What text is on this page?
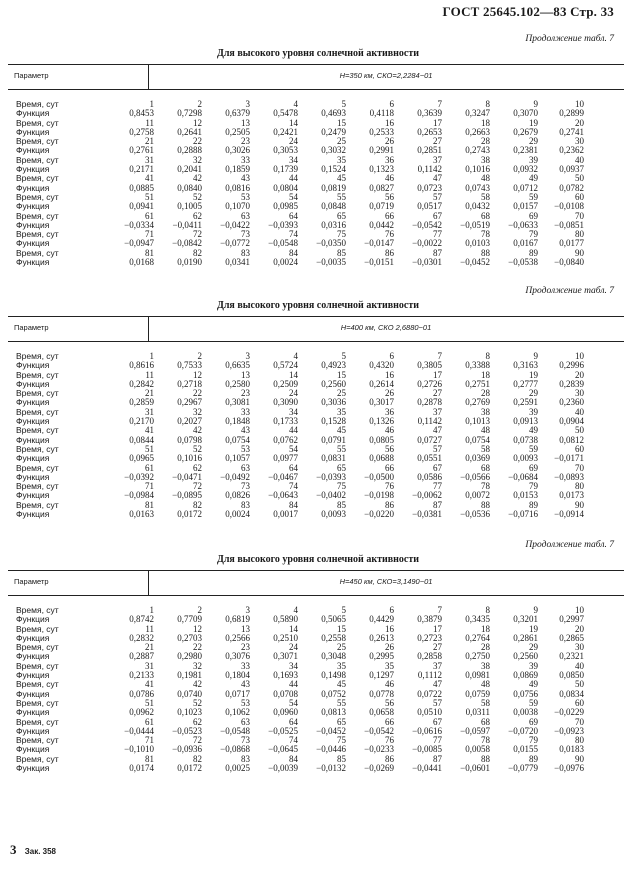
ГОСТ 25645.102—83 Стр. 33
Продолжение табл. 7
Для высокого уровня солнечной активности
Параметр	H=350 км, СКО=2,2284−01
Время, сут	1	2	3	4	5	6	7	8	9	10
Функция	0,8453	0,7298	0,6379	0,5478	0,4693	0,4118	0,3639	0,3247	0,3070	0,2899
Время, сут	11	12	13	14	15	16	17	18	19	20
Функция	0,2758	0,2641	0,2505	0,2421	0,2479	0,2533	0,2653	0,2663	0,2679	0,2741
Время, сут	21	22	23	24	25	26	27	28	29	30
Функция	0,2761	0,2888	0,3026	0,3053	0,3032	0,2991	0,2851	0,2743	0,2381	0,2362
Время, сут	31	32	33	34	35	36	37	38	39	40
Функция	0,2171	0,2041	0,1859	0,1739	0,1524	0,1323	0,1142	0,1016	0,0932	0,0937
Время, сут	41	42	43	44	45	46	47	48	49	50
Функция	0,0885	0,0840	0,0816	0,0804	0,0819	0,0827	0,0723	0,0743	0,0712	0,0782
Время, сут	51	52	53	54	55	56	57	58	59	60
Функция	0,0941	0,1005	0,1070	0,0985	0,0848	0,0719	0,0517	0,0432	0,0157	−0,0108
Время, сут	61	62	63	64	65	66	67	68	69	70
Функция	−0,0334	−0,0411	−0,0422	−0,0393	0,0316	0,0442	−0,0542	−0,0519	−0,0633	−0,0851
Время, сут	71	72	73	74	75	76	77	78	79	80
Функция	−0,0947	−0,0842	−0,0772	−0,0548	−0,0350	−0,0147	−0,0022	0,0103	0,0167	0,0177
Время, сут	81	82	83	84	85	86	87	88	89	90
Функция	0,0168	0,0190	0,0341	0,0024	−0,0035	−0,0151	−0,0301	−0,0452	−0,0538	−0,0840
Продолжение табл. 7
Для высокого уровня солнечной активности
Параметр	H=400 км, СКО 2,6880−01
Время, сут	1	2	3	4	5	6	7	8	9	10
Функция	0,8616	0,7533	0,6635	0,5724	0,4923	0,4320	0,3805	0,3388	0,3163	0,2996
Время, сут	11	12	13	14	15	16	17	18	19	20
Функция	0,2842	0,2718	0,2580	0,2509	0,2560	0,2614	0,2726	0,2751	0,2777	0,2839
Время, сут	21	22	23	24	25	26	27	28	29	30
Функция	0,2859	0,2967	0,3081	0,3090	0,3036	0,3017	0,2878	0,2769	0,2591	0,2360
Время, сут	31	32	33	34	35	36	37	38	39	40
Функция	0,2170	0,2027	0,1848	0,1733	0,1528	0,1326	0,1142	0,1013	0,0913	0,0904
Время, сут	41	42	43	44	45	46	47	48	49	50
Функция	0,0844	0,0798	0,0754	0,0762	0,0791	0,0805	0,0727	0,0754	0,0738	0,0812
Время, сут	51	52	53	54	55	56	57	58	59	60
Функция	0,0965	0,1016	0,1057	0,0977	0,0831	0,0688	0,0551	0,0369	0,0093	−0,0171
Время, сут	61	62	63	64	65	66	67	68	69	70
Функция	−0,0392	−0,0471	−0,0492	−0,0467	−0,0393	−0,0500	0,0586	−0,0566	−0,0684	−0,0893
Время, сут	71	72	73	74	75	76	77	78	79	80
Функция	−0,0984	−0,0895	0,0826	−0,0643	−0,0402	−0,0198	−0,0062	0,0072	0,0153	0,0173
Время, сут	81	82	83	84	85	86	87	88	89	90
Функция	0,0163	0,0172	0,0024	0,0017	0,0093	−0,0220	−0,0381	−0,0536	−0,0716	−0,0914
Продолжение табл. 7
Для высокого уровня солнечной активности
Параметр	H=450 км, СКО=3,1490−01
Время, сут	1	2	3	4	5	6	7	8	9	10
Функция	0,8742	0,7709	0,6819	0,5890	0,5065	0,4429	0,3879	0,3435	0,3201	0,2997
Время, сут	11	12	13	14	15	16	17	18	19	20
Функция	0,2832	0,2703	0,2566	0,2510	0,2558	0,2613	0,2723	0,2764	0,2861	0,2865
Время, сут	21	22	23	24	25	26	27	28	29	30
Функция	0,2887	0,2980	0,3076	0,3071	0,3048	0,2995	0,2858	0,2750	0,2560	0,2321
Время, сут	31	32	33	34	35	35	37	38	39	40
Функция	0,2133	0,1981	0,1804	0,1693	0,1498	0,1297	0,1112	0,0981	0,0869	0,0850
Время, сут	41	42	43	44	45	46	47	48	49	50
Функция	0,0786	0,0740	0,0717	0,0708	0,0752	0,0778	0,0722	0,0759	0,0756	0,0834
Время, сут	51	52	53	54	55	56	57	58	59	60
Функция	0,0962	0,1023	0,1062	0,0960	0,0813	0,0658	0,0510	0,0311	0,0038	−0,0229
Время, сут	61	62	63	64	65	66	67	68	69	70
Функция	−0,0444	−0,0523	−0,0548	−0,0525	−0,0452	−0,0542	−0,0616	−0,0597	−0,0720	−0,0923
Время, сут	71	72	73	74	75	76	77	78	79	80
Функция	−0,1010	−0,0936	−0,0868	−0,0645	−0,0446	−0,0233	−0,0085	0,0058	0,0155	0,0183
Время, сут	81	82	83	84	85	86	87	88	89	90
Функция	0,0174	0,0172	0,0025	−0,0039	−0,0132	−0,0269	−0,0441	−0,0601	−0,0779	−0,0976
3 Зак. 358
